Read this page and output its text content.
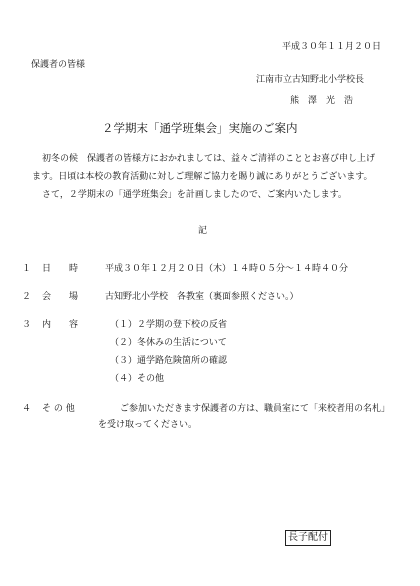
平成３０年１１月２０日
保護者の皆様
江南市立古知野北小学校長
熊　澤　光　浩
２学期末「通学班集会」実施のご案内
初冬の候　保護者の皆様方におかれましては、益々ご清祥のこととお喜び申し上げ
ます。日頃は本校の教育活動に対しご理解ご協力を賜り誠にありがとうございます。
さて，２学期末の「通学班集会」を計画しましたので、ご案内いたします。
記
１ 日　　時	平成３０年１２月２０日（木）１４時０５分～１４時４０分
２ 会　　場	古知野北小学校　各教室（裏面参照ください。）
３ 内　　容	（１）２学期の登下校の反省
（２）冬休みの生活について
（３）通学路危険箇所の確認
（４）その他
４ そ の 他	ご参加いただきます保護者の方は、職員室にて「来校者用の名札」
を受け取ってください。
長子配付
